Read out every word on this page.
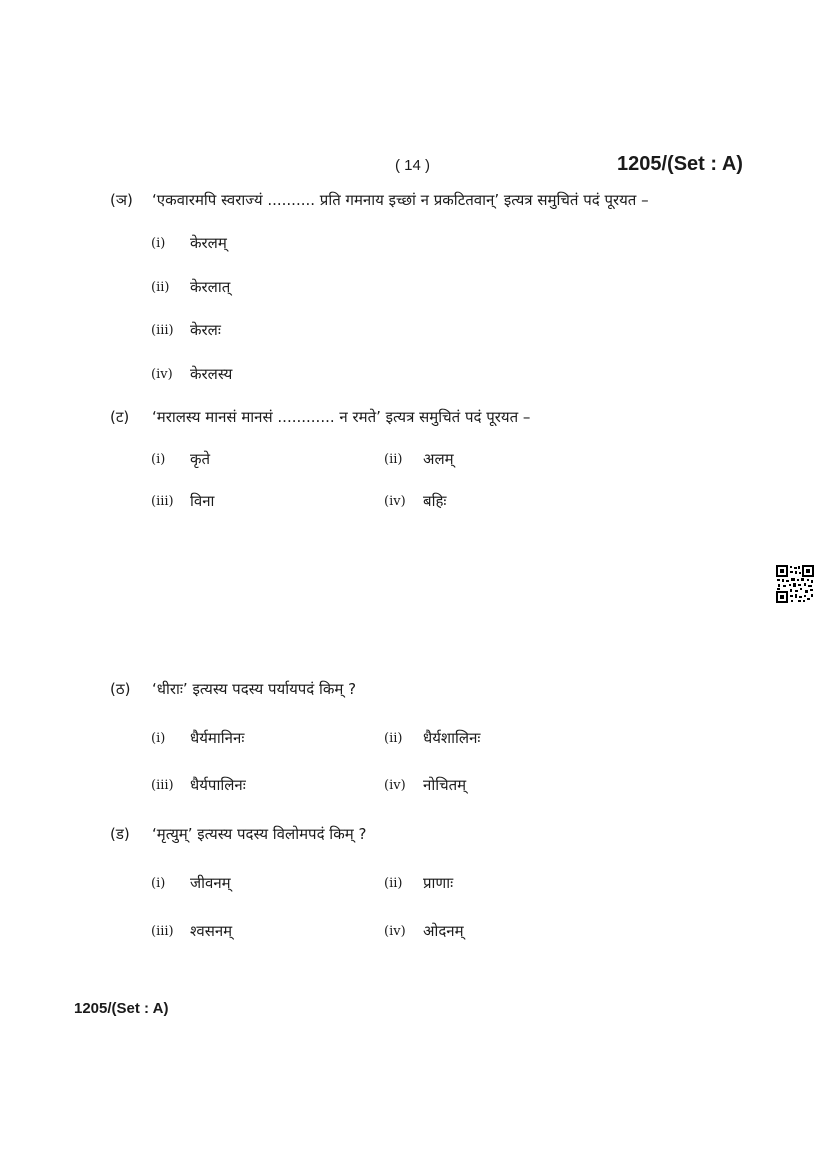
( 14 )	1205/(Set : A)
(ञ) ‘एकवारमपि स्वराज्यं .......... प्रति गमनाय इच्छां न प्रकटितवान्’ इत्यत्र समुचितं पदं पूरयत –
(i) केरलम्
(ii) केरलात्
(iii) केरलः
(iv) केरलस्य
(ट) ‘मरालस्य मानसं मानसं ............ न रमते’ इत्यत्र समुचितं पदं पूरयत –
(i) कृते	(ii) अलम्
(iii) विना	(iv) बहिः
(ठ) ‘धीराः’ इत्यस्य पदस्य पर्यायपदं किम् ?
(i) धैर्यमानिनः	(ii) धैर्यशालिनः
(iii) धैर्यपालिनः	(iv) नोचितम्
(ड) ‘मृत्युम्’ इत्यस्य पदस्य विलोमपदं किम् ?
(i) जीवनम्	(ii) प्राणाः
(iii) श्वसनम्	(iv) ओदनम्
1205/(Set : A)
